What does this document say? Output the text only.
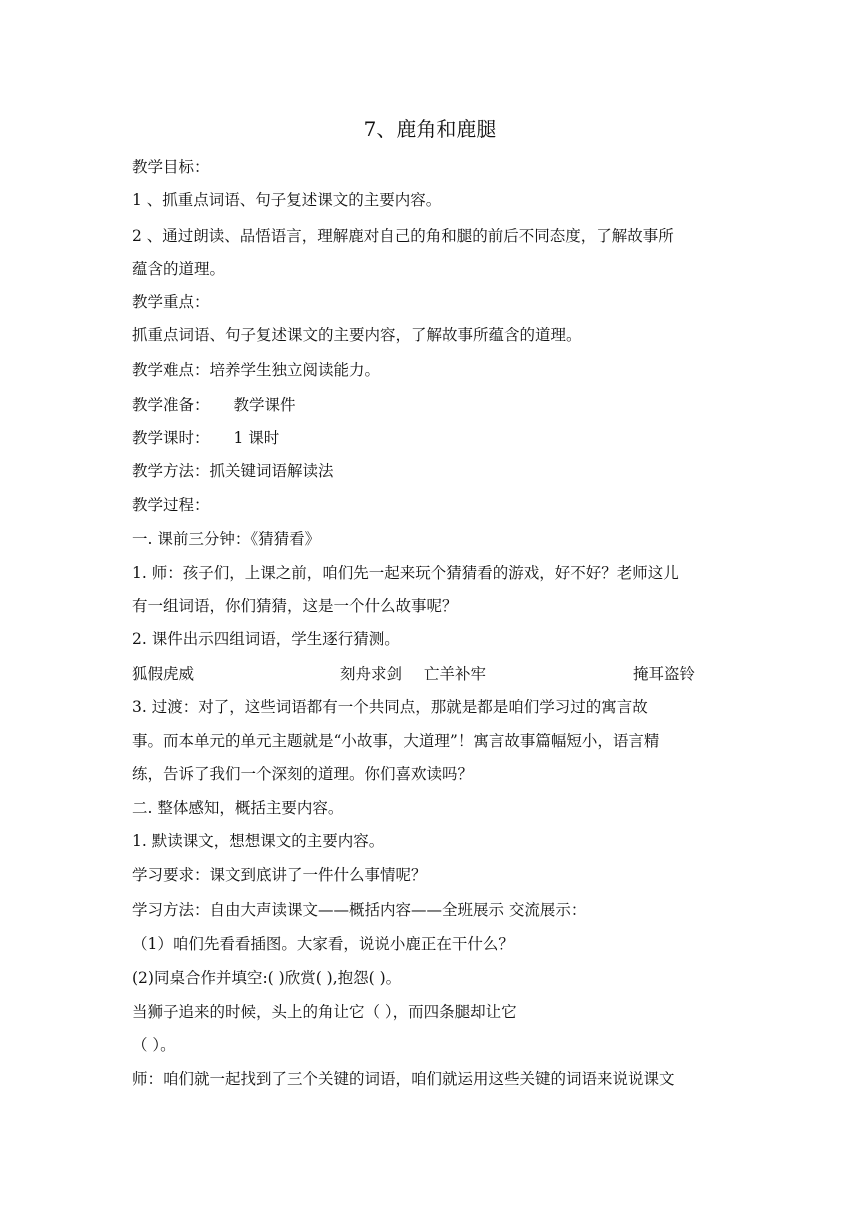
7、鹿角和鹿腿
教学目标：
1 、抓重点词语、句子复述课文的主要内容。
2 、通过朗读、品悟语言，理解鹿对自己的角和腿的前后不同态度，了解故事所
蕴含的道理。
教学重点：
抓重点词语、句子复述课文的主要内容，了解故事所蕴含的道理。
教学难点：培养学生独立阅读能力。
教学准备： 教学课件
教学课时： 1 课时
教学方法：抓关键词语解读法
教学过程：
一. 课前三分钟：《猜猜看》
1. 师：孩子们，上课之前，咱们先一起来玩个猜猜看的游戏，好不好？老师这儿
有一组词语，你们猜猜，这是一个什么故事呢？
2. 课件出示四组词语，学生逐行猜测。
狐假虎威	刻舟求剑 亡羊补牢	掩耳盗铃
3. 过渡：对了，这些词语都有一个共同点，那就是都是咱们学习过的寓言故
事。而本单元的单元主题就是“小故事，大道理”！寓言故事篇幅短小，语言精
练，告诉了我们一个深刻的道理。你们喜欢读吗？
二. 整体感知，概括主要内容。
1. 默读课文，想想课文的主要内容。
学习要求：课文到底讲了一件什么事情呢？
学习方法：自由大声读课文——概括内容——全班展示 交流展示：
（1）咱们先看看插图。大家看，说说小鹿正在干什么？
(2)同桌合作并填空:( )欣赏( ),抱怨( )。
当狮子追来的时候，头上的角让它（ ），而四条腿却让它
（ ）。
师：咱们就一起找到了三个关键的词语，咱们就运用这些关键的词语来说说课文
